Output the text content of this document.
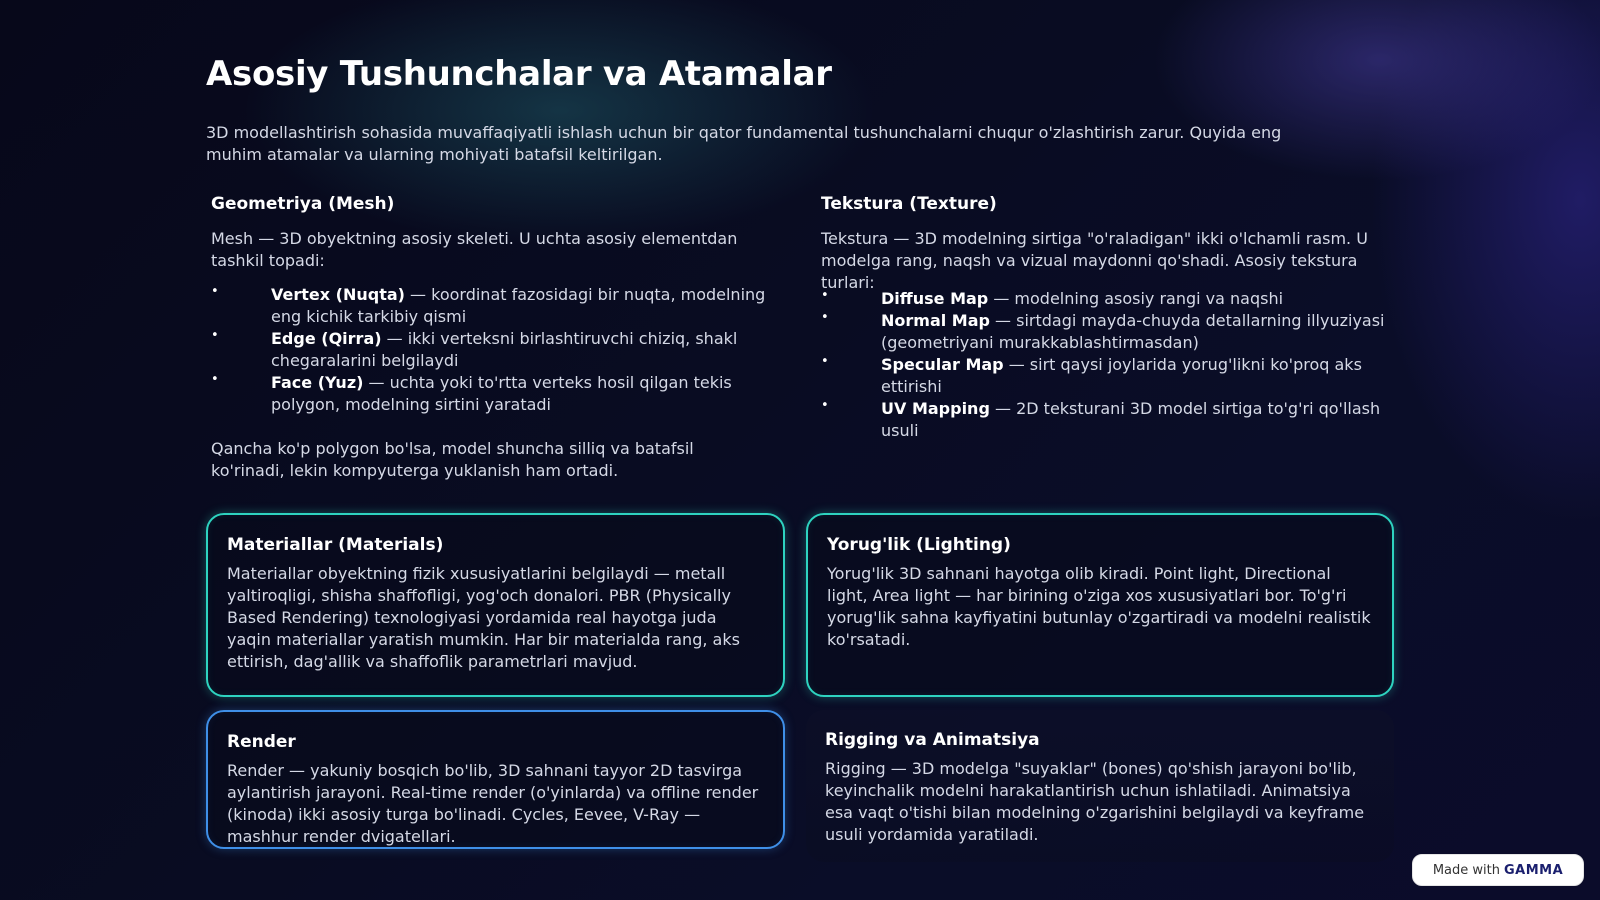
Asosiy Tushunchalar va Atamalar

3D modellashtirish sohasida muvaffaqiyatli ishlash uchun bir qator fundamental tushunchalarni chuqur o'zlashtirish zarur. Quyida eng muhim atamalar va ularning mohiyati batafsil keltirilgan.

Geometriya (Mesh)

Mesh — 3D obyektning asosiy skeleti. U uchta asosiy elementdan tashkil topadi:

•	Vertex (Nuqta) — koordinat fazosidagi bir nuqta, modelning eng kichik tarkibiy qismi
•	Edge (Qirra) — ikki verteksni birlashtiruvchi chiziq, shakl chegaralarini belgilaydi
•	Face (Yuz) — uchta yoki to'rtta verteks hosil qilgan tekis polygon, modelning sirtini yaratadi

Qancha ko'p polygon bo'lsa, model shuncha silliq va batafsil ko'rinadi, lekin kompyuterga yuklanish ham ortadi.

Tekstura (Texture)

Tekstura — 3D modelning sirtiga "o'raladigan" ikki o'lchamli rasm. U modelga rang, naqsh va vizual maydonni qo'shadi. Asosiy tekstura turlari:

•	Diffuse Map — modelning asosiy rangi va naqshi
•	Normal Map — sirtdagi mayda-chuyda detallarning illyuziyasi (geometriyani murakkablashtirmasdan)
•	Specular Map — sirt qaysi joylarida yorug'likni ko'proq aks ettirishi
•	UV Mapping — 2D teksturani 3D model sirtiga to'g'ri qo'llash usuli
Materiallar (Materials)

Materiallar obyektning fizik xususiyatlarini belgilaydi — metall yaltiroqligi, shisha shaffofligi, yog'och donalori. PBR (Physically Based Rendering) texnologiyasi yordamida real hayotga juda yaqin materiallar yaratish mumkin. Har bir materialda rang, aks ettirish, dag'allik va shaffoflik parametrlari mavjud.

Yorug'lik (Lighting)

Yorug'lik 3D sahnani hayotga olib kiradi. Point light, Directional light, Area light — har birining o'ziga xos xususiyatlari bor. To'g'ri yorug'lik sahna kayfiyatini butunlay o'zgartiradi va modelni realistik ko'rsatadi.

Render

Render — yakuniy bosqich bo'lib, 3D sahnani tayyor 2D tasvirga aylantirish jarayoni. Real-time render (o'yinlarda) va offline render (kinoda) ikki asosiy turga bo'linadi. Cycles, Eevee, V-Ray — mashhur render dvigatellari.

Rigging va Animatsiya

Rigging — 3D modelga "suyaklar" (bones) qo'shish jarayoni bo'lib, keyinchalik modelni harakatlantirish uchun ishlatiladi. Animatsiya esa vaqt o'tishi bilan modelning o'zgarishini belgilaydi va keyframe usuli yordamida yaratiladi.

Made with GAMMA
